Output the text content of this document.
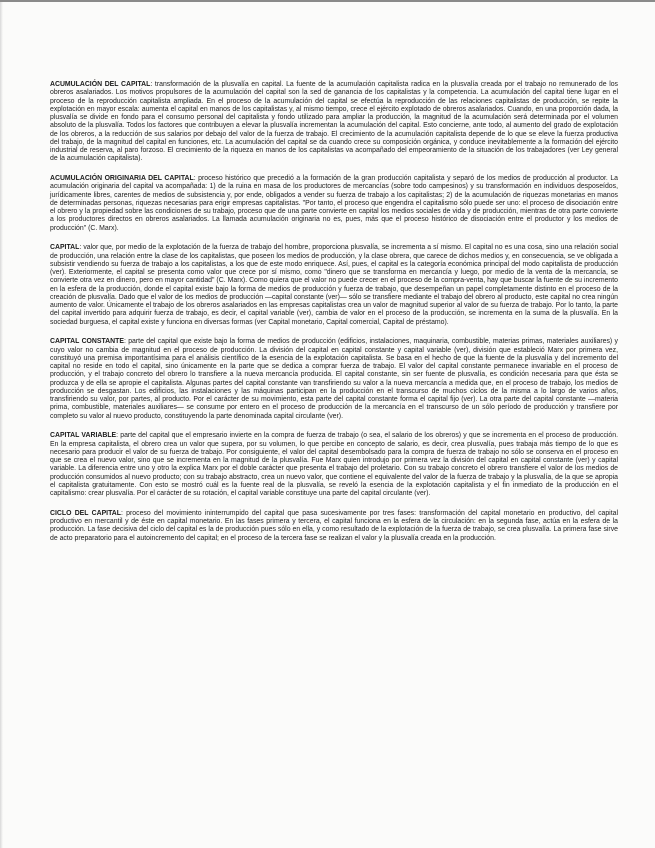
ACUMULACIÓN DEL CAPITAL: transformación de la plusvalía en capital. La fuente de la acumulación capitalista radica en la plusvalía creada por el trabajo no remunerado de los obreros asalariados. Los motivos propulsores de la acumulación del capital son la sed de ganancia de los capitalistas y la competencia. La acumulación del capital tiene lugar en el proceso de la reproducción capitalista ampliada. En el proceso de la acumulación del capital se efectúa la reproducción de las relaciones capitalistas de producción, se repite la explotación en mayor escala: aumenta el capital en manos de los capitalistas y, al mismo tiempo, crece el ejército explotado de obreros asalariados. Cuando, en una proporción dada, la plusvalía se divide en fondo para el consumo personal del capitalista y fondo utilizado para ampliar la producción, la magnitud de la acumulación será determinada por el volumen absoluto de la plusvalía. Todos los factores que contribuyen a elevar la plusvalía incrementan la acumulación del capital. Esto concierne, ante todo, al aumento del grado de explotación de los obreros, a la reducción de sus salarios por debajo del valor de la fuerza de trabajo. El crecimiento de la acumulación capitalista depende de lo que se eleve la fuerza productiva del trabajo, de la magnitud del capital en funciones, etc. La acumulación del capital se da cuando crece su composición orgánica, y conduce inevitablemente a la formación del ejército industrial de reserva, al paro forzoso. El crecimiento de la riqueza en manos de los capitalistas va acompañado del empeoramiento de la situación de los trabajadores (ver Ley general de la acumulación capitalista).

ACUMULACIÓN ORIGINARIA DEL CAPITAL: proceso histórico que precedió a la formación de la gran producción capitalista y separó de los medios de producción al productor. La acumulación originaria del capital va acompañada: 1) de la ruina en masa de los productores de mercancías (sobre todo campesinos) y su transformación en individuos desposeídos, jurídicamente libres, carentes de medios de subsistencia y, por ende, obligados a vender su fuerza de trabajo a los capitalistas; 2) de la acumulación de riquezas monetarias en manos de determinadas personas, riquezas necesarias para erigir empresas capitalistas. "Por tanto, el proceso que engendra el capitalismo sólo puede ser uno: el proceso de disociación entre el obrero y la propiedad sobre las condiciones de su trabajo, proceso que de una parte convierte en capital los medios sociales de vida y de producción, mientras de otra parte convierte a los productores directos en obreros asalariados. La llamada acumulación originaria no es, pues, más que el proceso histórico de disociación entre el productor y los medios de producción" (C. Marx).

CAPITAL: valor que, por medio de la explotación de la fuerza de trabajo del hombre, proporciona plusvalía, se incrementa a sí mismo. El capital no es una cosa, sino una relación social de producción, una relación entre la clase de los capitalistas, que poseen los medios de producción, y la clase obrera, que carece de dichos medios y, en consecuencia, se ve obligada a subsistir vendiendo su fuerza de trabajo a los capitalistas, a los que de este modo enriquece. Así, pues, el capital es la categoría económica principal del modo capitalista de producción (ver). Exteriormente, el capital se presenta como valor que crece por sí mismo, como "dinero que se transforma en mercancía y luego, por medio de la venta de la mercancía, se convierte otra vez en dinero, pero en mayor cantidad" (C. Marx). Como quiera que el valor no puede crecer en el proceso de la compra-venta, hay que buscar la fuente de su incremento en la esfera de la producción, donde el capital existe bajo la forma de medios de producción y fuerza de trabajo, que desempeñan un papel completamente distinto en el proceso de la creación de plusvalía. Dado que el valor de los medios de producción —capital constante (ver)— sólo se transfiere mediante el trabajo del obrero al producto, este capital no crea ningún aumento de valor. Únicamente el trabajo de los obreros asalariados en las empresas capitalistas crea un valor de magnitud superior al valor de su fuerza de trabajo. Por lo tanto, la parte del capital invertido para adquirir fuerza de trabajo, es decir, el capital variable (ver), cambia de valor en el proceso de la producción, se incrementa en la suma de la plusvalía. En la sociedad burguesa, el capital existe y funciona en diversas formas (ver Capital monetario, Capital comercial, Capital de préstamo).

CAPITAL CONSTANTE: parte del capital que existe bajo la forma de medios de producción (edificios, instalaciones, maquinaria, combustible, materias primas, materiales auxiliares) y cuyo valor no cambia de magnitud en el proceso de producción. La división del capital en capital constante y capital variable (ver), división que estableció Marx por primera vez, constituyó una premisa importantísima para el análisis científico de la esencia de la explotación capitalista. Se basa en el hecho de que la fuente de la plusvalía y del incremento del capital no reside en todo el capital, sino únicamente en la parte que se dedica a comprar fuerza de trabajo. El valor del capital constante permanece invariable en el proceso de producción, y el trabajo concreto del obrero lo transfiere a la nueva mercancía producida. El capital constante, sin ser fuente de plusvalía, es condición necesaria para que ésta se produzca y de ella se apropie el capitalista. Algunas partes del capital constante van transfiriendo su valor a la nueva mercancía a medida que, en el proceso de trabajo, los medios de producción se desgastan. Los edificios, las instalaciones y las máquinas participan en la producción en el transcurso de muchos ciclos de la misma a lo largo de varios años, transfiriendo su valor, por partes, al producto. Por el carácter de su movimiento, esta parte del capital constante forma el capital fijo (ver). La otra parte del capital constante —materia prima, combustible, materiales auxiliares— se consume por entero en el proceso de producción de la mercancía en el transcurso de un sólo período de producción y transfiere por completo su valor al nuevo producto, constituyendo la parte denominada capital circulante (ver).

CAPITAL VARIABLE: parte del capital que el empresario invierte en la compra de fuerza de trabajo (o sea, el salario de los obreros) y que se incrementa en el proceso de producción. En la empresa capitalista, el obrero crea un valor que supera, por su volumen, lo que percibe en concepto de salario, es decir, crea plusvalía, pues trabaja más tiempo de lo que es necesario para producir el valor de su fuerza de trabajo. Por consiguiente, el valor del capital desembolsado para la compra de fuerza de trabajo no sólo se conserva en el proceso en que se crea el nuevo valor, sino que se incrementa en la magnitud de la plusvalía. Fue Marx quien introdujo por primera vez la división del capital en capital constante (ver) y capital variable. La diferencia entre uno y otro la explica Marx por el doble carácter que presenta el trabajo del proletario. Con su trabajo concreto el obrero transfiere el valor de los medios de producción consumidos al nuevo producto; con su trabajo abstracto, crea un nuevo valor, que contiene el equivalente del valor de la fuerza de trabajo y la plusvalía, de la que se apropia el capitalista gratuitamente. Con esto se mostró cuál es la fuente real de la plusvalía, se reveló la esencia de la explotación capitalista y el fin inmediato de la producción en el capitalismo: crear plusvalía. Por el carácter de su rotación, el capital variable constituye una parte del capital circulante (ver).

CICLO DEL CAPITAL: proceso del movimiento ininterrumpido del capital que pasa sucesivamente por tres fases: transformación del capital monetario en productivo, del capital productivo en mercantil y de éste en capital monetario. En las fases primera y tercera, el capital funciona en la esfera de la circulación: en la segunda fase, actúa en la esfera de la producción. La fase decisiva del ciclo del capital es la de producción pues sólo en ella, y como resultado de la explotación de la fuerza de trabajo, se crea plusvalía. La primera fase sirve de acto preparatorio para el autoincremento del capital; en el proceso de la tercera fase se realizan el valor y la plusvalía creada en la producción.
